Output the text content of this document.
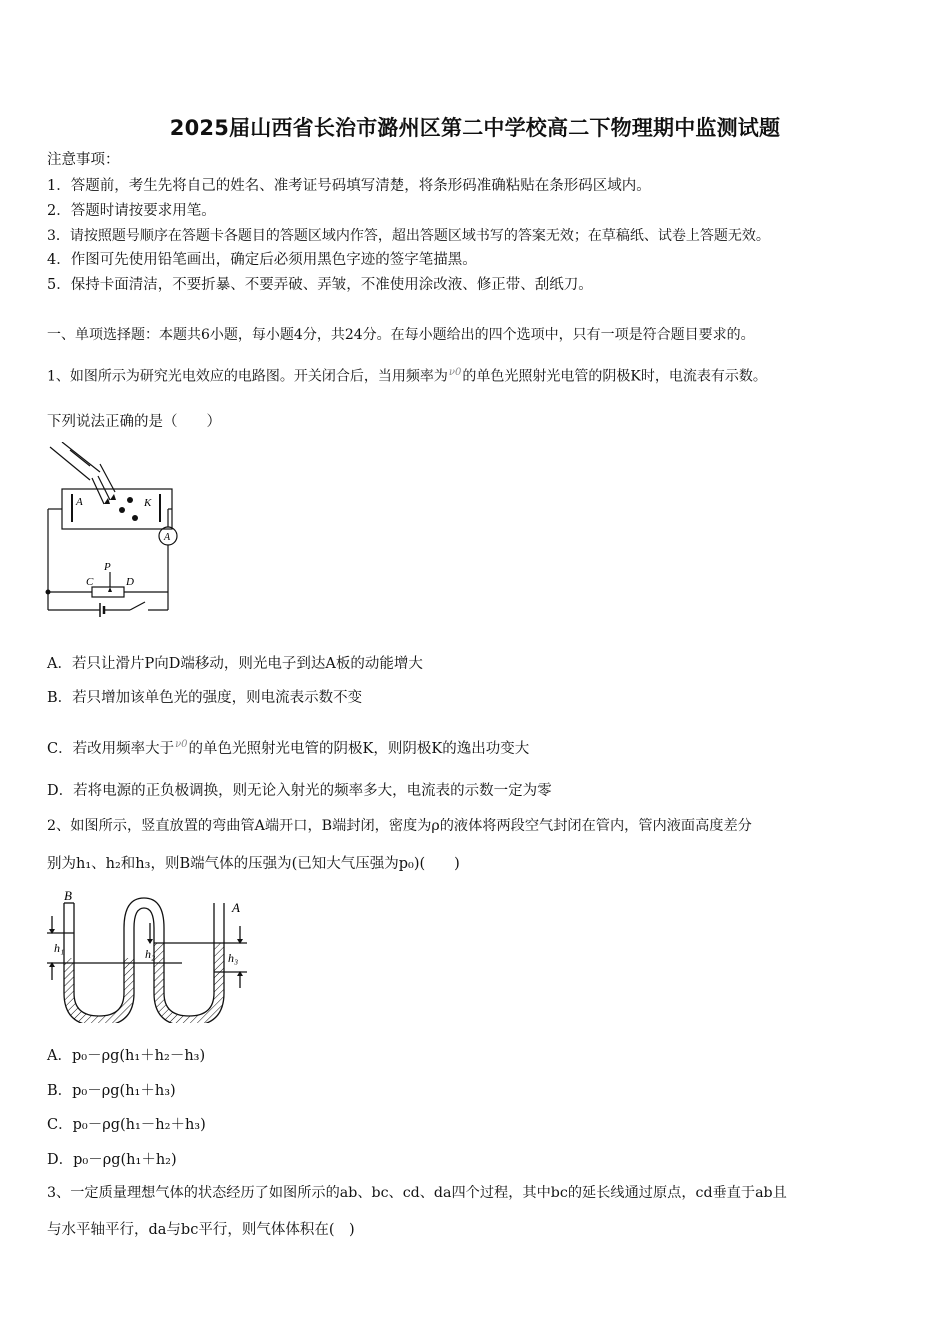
2025届山西省长治市潞州区第二中学校高二下物理期中监测试题
注意事项：
1．答题前，考生先将自己的姓名、准考证号码填写清楚，将条形码准确粘贴在条形码区域内。
2．答题时请按要求用笔。
3．请按照题号顺序在答题卡各题目的答题区域内作答，超出答题区域书写的答案无效；在草稿纸、试卷上答题无效。
4．作图可先使用铅笔画出，确定后必须用黑色字迹的签字笔描黑。
5．保持卡面清洁，不要折暴、不要弄破、弄皱，不准使用涂改液、修正带、刮纸刀。
一、单项选择题：本题共6小题，每小题4分，共24分。在每小题给出的四个选项中，只有一项是符合题目要求的。
1、如图所示为研究光电效应的电路图。开关闭合后，当用频率为$^{\nu 0}$的单色光照射光电管的阴极K时，电流表有示数。
下列说法正确的是（　　）
A	K
A
P
C	D
A．若只让滑片P向D端移动，则光电子到达A板的动能增大
B．若只增加该单色光的强度，则电流表示数不变
C．若改用频率大于$^{\nu 0}$的单色光照射光电管的阴极K，则阴极K的逸出功变大
D．若将电源的正负极调换，则无论入射光的频率多大，电流表的示数一定为零
2、如图所示，竖直放置的弯曲管A端开口，B端封闭，密度为ρ的液体将两段空气封闭在管内，管内液面高度差分
别为h₁、h₂和h₃，则B端气体的压强为(已知大气压强为p₀)(　　)
B
A
h₁	h₂	h₃
A．p₀－ρg(h₁＋h₂－h₃)
B．p₀－ρg(h₁＋h₃)
C．p₀－ρg(h₁－h₂＋h₃)
D．p₀－ρg(h₁＋h₂)
3、一定质量理想气体的状态经历了如图所示的ab、bc、cd、da四个过程，其中bc的延长线通过原点，cd垂直于ab且
与水平轴平行，da与bc平行，则气体体积在(　)
